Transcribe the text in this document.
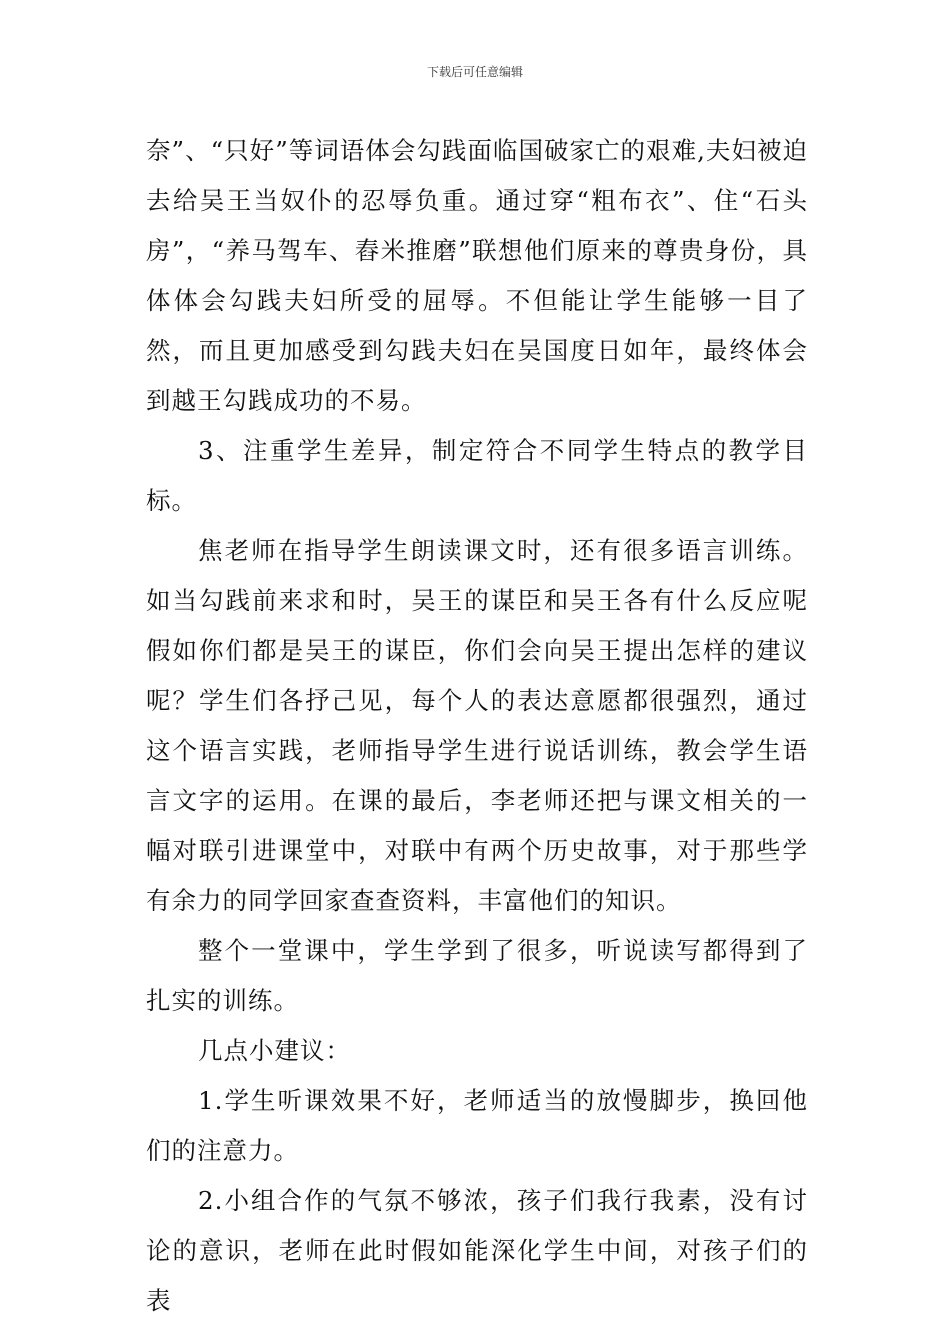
下载后可任意编辑

奈”、“只好”等词语体会勾践面临国破家亡的艰难,夫妇被迫去给吴王当奴仆的忍辱负重。通过穿“粗布衣”、住“石头房”，“养马驾车、舂米推磨”联想他们原来的尊贵身份，具体体会勾践夫妇所受的屈辱。不但能让学生能够一目了然，而且更加感受到勾践夫妇在吴国度日如年，最终体会到越王勾践成功的不易。

3、注重学生差异，制定符合不同学生特点的教学目标。

焦老师在指导学生朗读课文时，还有很多语言训练。如当勾践前来求和时，吴王的谋臣和吴王各有什么反应呢假如你们都是吴王的谋臣，你们会向吴王提出怎样的建议呢？学生们各抒己见，每个人的表达意愿都很强烈，通过这个语言实践，老师指导学生进行说话训练，教会学生语言文字的运用。在课的最后，李老师还把与课文相关的一幅对联引进课堂中，对联中有两个历史故事，对于那些学有余力的同学回家查查资料，丰富他们的知识。

整个一堂课中，学生学到了很多，听说读写都得到了扎实的训练。

几点小建议：

1.学生听课效果不好，老师适当的放慢脚步，换回他们的注意力。

2.小组合作的气氛不够浓，孩子们我行我素，没有讨论的意识，老师在此时假如能深化学生中间，对孩子们的表
